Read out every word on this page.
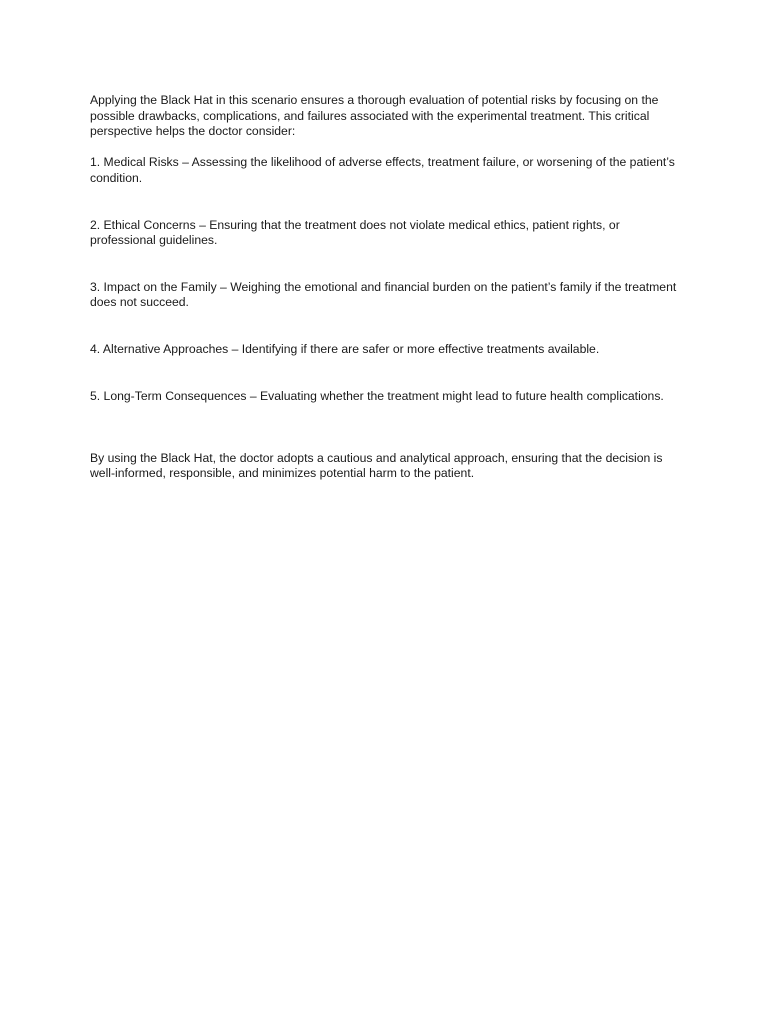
Applying the Black Hat in this scenario ensures a thorough evaluation of potential risks by focusing on the possible drawbacks, complications, and failures associated with the experimental treatment. This critical perspective helps the doctor consider:

1. Medical Risks – Assessing the likelihood of adverse effects, treatment failure, or worsening of the patient’s condition.

2. Ethical Concerns – Ensuring that the treatment does not violate medical ethics, patient rights, or professional guidelines.

3. Impact on the Family – Weighing the emotional and financial burden on the patient’s family if the treatment does not succeed.

4. Alternative Approaches – Identifying if there are safer or more effective treatments available.

5. Long-Term Consequences – Evaluating whether the treatment might lead to future health complications.

By using the Black Hat, the doctor adopts a cautious and analytical approach, ensuring that the decision is well-informed, responsible, and minimizes potential harm to the patient.
